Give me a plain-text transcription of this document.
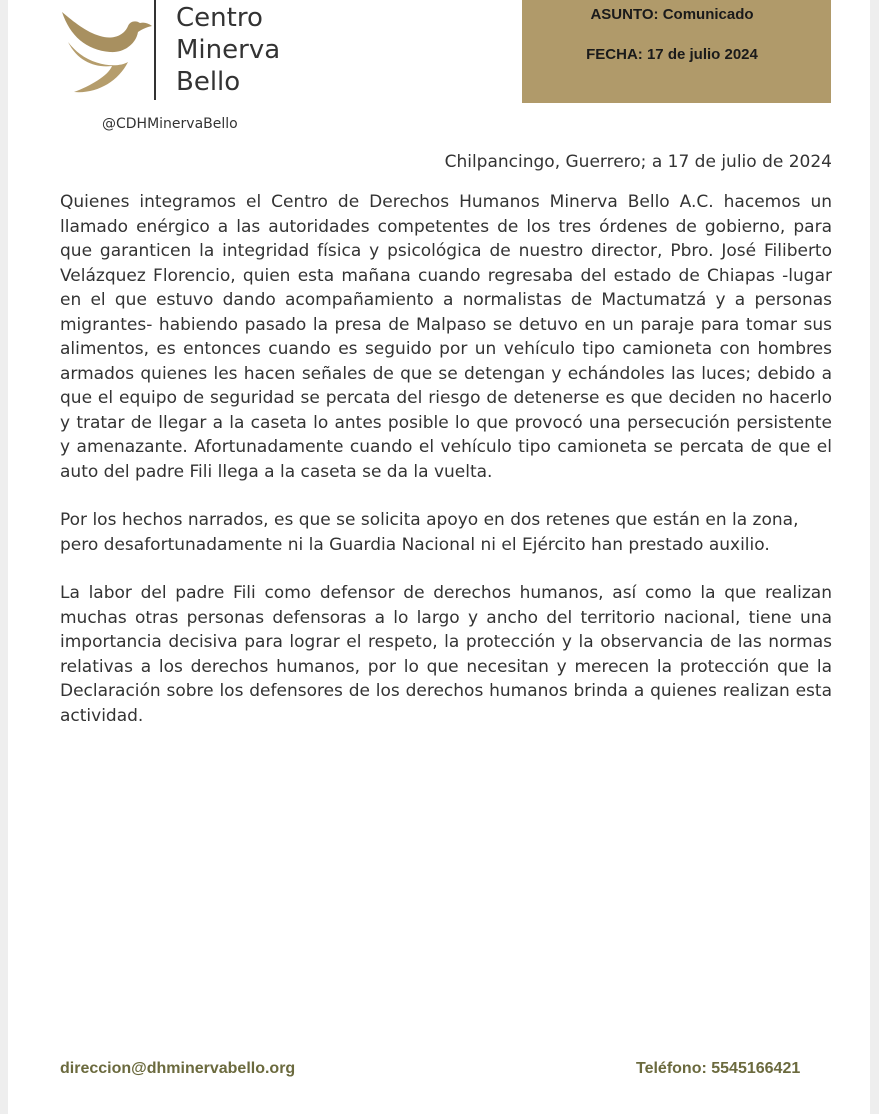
Centro
Minerva
Bello
@CDHMinervaBello
ASUNTO: Comunicado
FECHA: 17 de julio 2024
Chilpancingo, Guerrero; a 17 de julio de 2024

Quienes integramos el Centro de Derechos Humanos Minerva Bello A.C. hacemos un llamado enérgico a las autoridades competentes de los tres órdenes de gobierno, para que garanticen la integridad física y psicológica de nuestro director, Pbro. José Filiberto Velázquez Florencio, quien esta mañana cuando regresaba del estado de Chiapas -lugar en el que estuvo dando acompañamiento a normalistas de Mactumatzá y a personas migrantes- habiendo pasado la presa de Malpaso se detuvo en un paraje para tomar sus alimentos, es entonces cuando es seguido por un vehículo tipo camioneta con hombres armados quienes les hacen señales de que se detengan y echándoles las luces; debido a que el equipo de seguridad se percata del riesgo de detenerse es que deciden no hacerlo y tratar de llegar a la caseta lo antes posible lo que provocó una persecución persistente y amenazante. Afortunadamente cuando el vehículo tipo camioneta se percata de que el auto del padre Fili llega a la caseta se da la vuelta.

Por los hechos narrados, es que se solicita apoyo en dos retenes que están en la zona, pero desafortunadamente ni la Guardia Nacional ni el Ejército han prestado auxilio.

La labor del padre Fili como defensor de derechos humanos, así como la que realizan muchas otras personas defensoras a lo largo y ancho del territorio nacional, tiene una importancia decisiva para lograr el respeto, la protección y la observancia de las normas relativas a los derechos humanos, por lo que necesitan y merecen la protección que la Declaración sobre los defensores de los derechos humanos brinda a quienes realizan esta actividad.

direccion@dhminervabello.org	Teléfono: 5545166421
